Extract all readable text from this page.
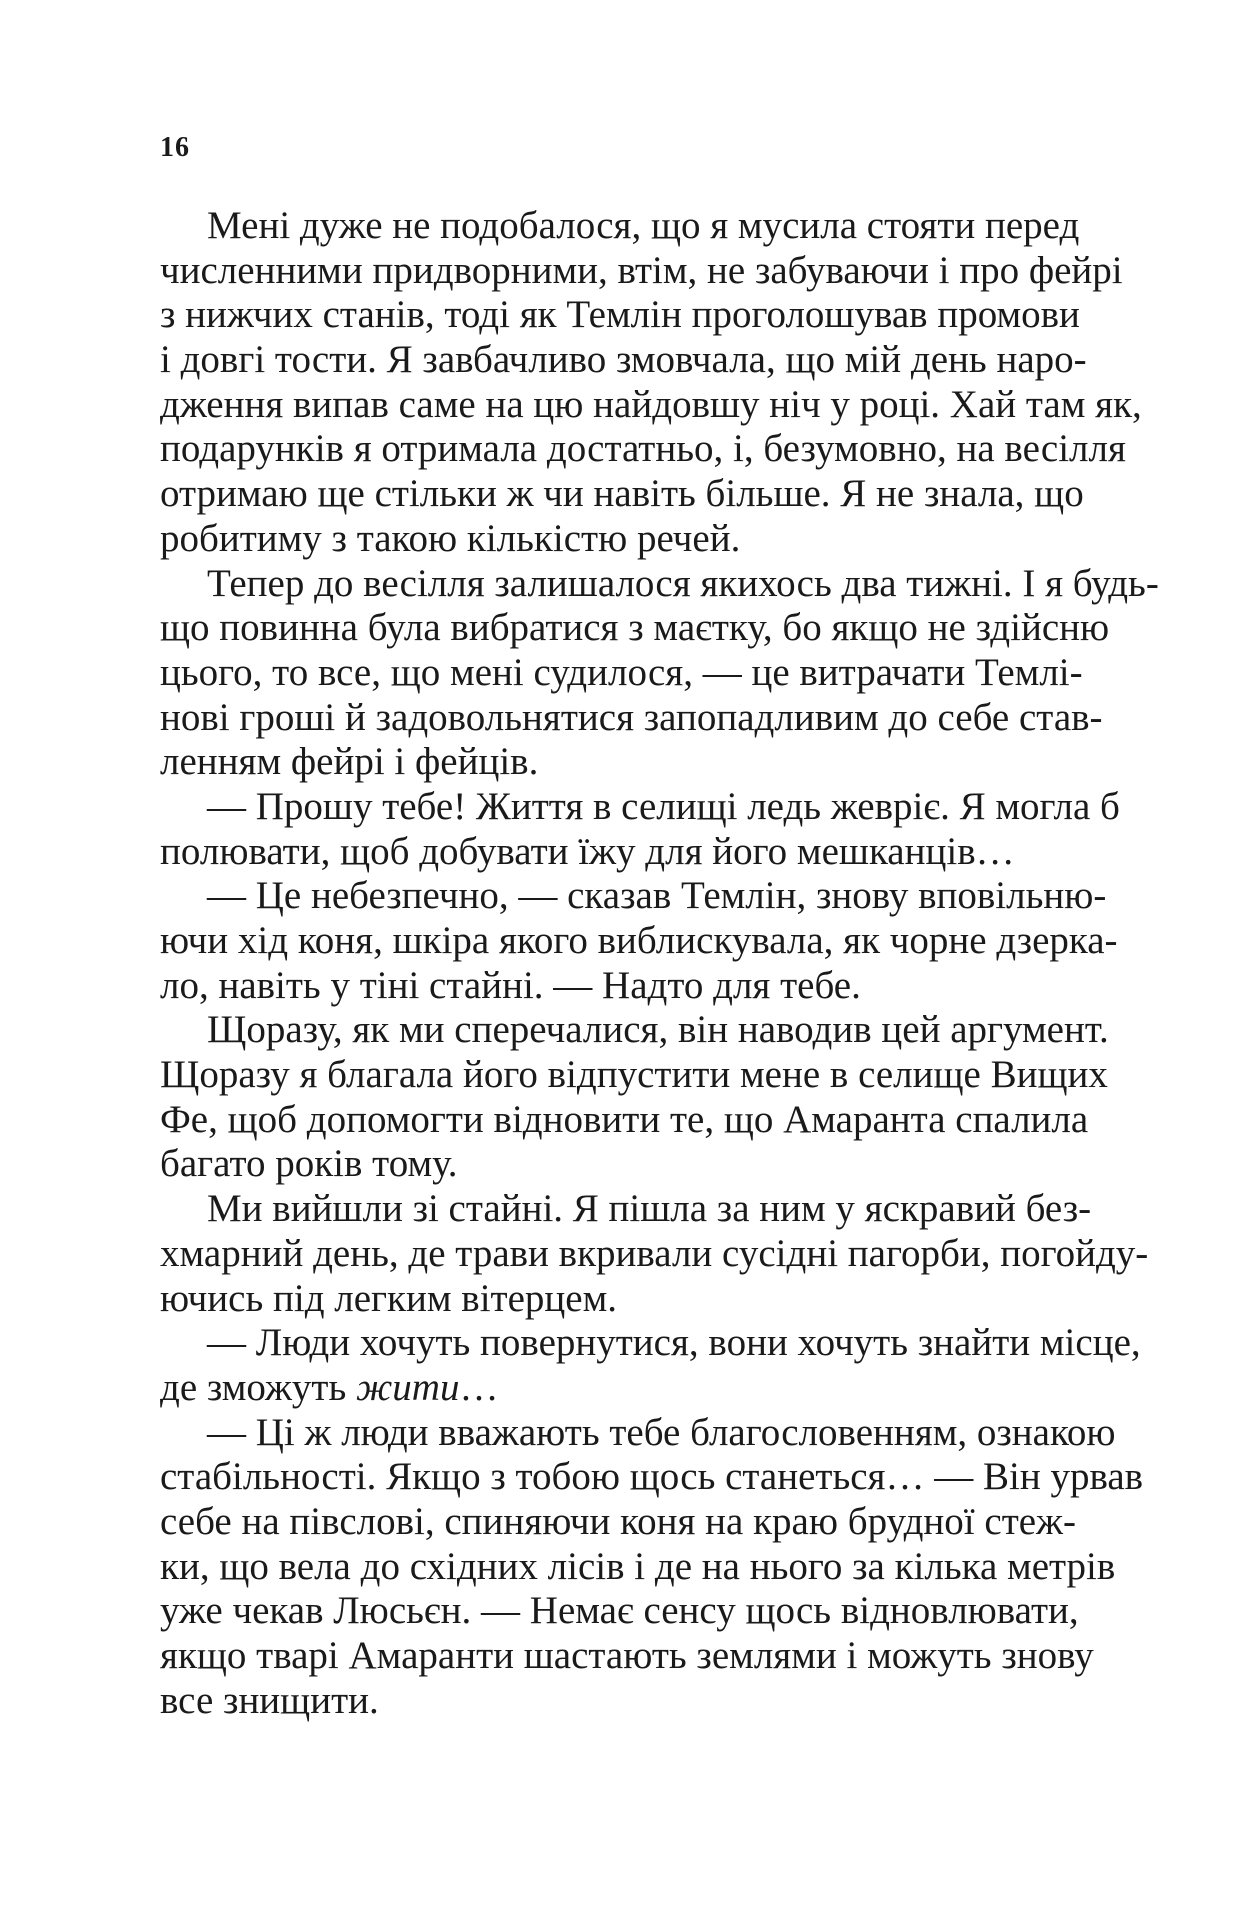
16
Мені дуже не подобалося, що я мусила стояти перед
численними придворними, втім, не забуваючи і про фейрі
з нижчих станів, тоді як Темлін проголошував промови
і довгі тости. Я завбачливо змовчала, що мій день наро-
дження випав саме на цю найдовшу ніч у році. Хай там як,
подарунків я отримала достатньо, і, безумовно, на весілля
отримаю ще стільки ж чи навіть більше. Я не знала, що
робитиму з такою кількістю речей.
Тепер до весілля залишалося якихось два тижні. І я будь-
що повинна була вибратися з маєтку, бо якщо не здійсню
цього, то все, що мені судилося, — це витрачати Темлі-
нові гроші й задовольнятися запопадливим до себе став-
ленням фейрі і фейців.
— Прошу тебе! Життя в селищі ледь жевріє. Я могла б
полювати, щоб добувати їжу для його мешканців…
— Це небезпечно, — сказав Темлін, знову вповільню-
ючи хід коня, шкіра якого виблискувала, як чорне дзерка-
ло, навіть у тіні стайні. — Надто для тебе.
Щоразу, як ми сперечалися, він наводив цей аргумент.
Щоразу я благала його відпустити мене в селище Вищих
Фе, щоб допомогти відновити те, що Амаранта спалила
багато років тому.
Ми вийшли зі стайні. Я пішла за ним у яскравий без-
хмарний день, де трави вкривали сусідні пагорби, погойду-
ючись під легким вітерцем.
— Люди хочуть повернутися, вони хочуть знайти місце,
де зможуть жити…
— Ці ж люди вважають тебе благословенням, ознакою
стабільності. Якщо з тобою щось станеться… — Він урвав
себе на півслові, спиняючи коня на краю брудної стеж-
ки, що вела до східних лісів і де на нього за кілька метрів
уже чекав Люсьєн. — Немає сенсу щось відновлювати,
якщо тварі Амаранти шастають землями і можуть знову
все знищити.
